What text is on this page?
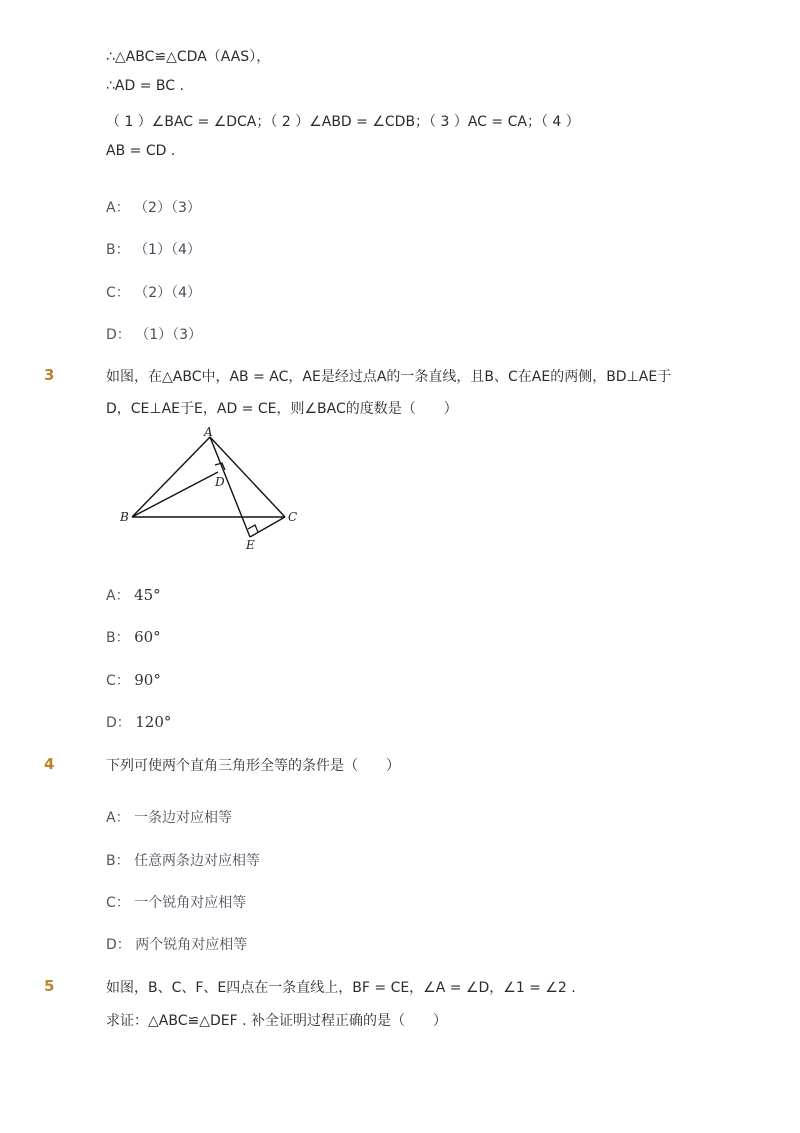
∴△ABC≌△CDA（AAS），
∴AD = BC .
（ 1 ）∠BAC = ∠DCA；（ 2 ）∠ABD = ∠CDB；（ 3 ）AC = CA；（ 4 ）
AB = CD .
A： （2）（3）
B： （1）（4）
C： （2）（4）
D： （1）（3）
3	如图，在△ABC中，AB = AC，AE是经过点A的一条直线，且B、C在AE的两侧，BD⊥AE于
D，CE⊥AE于E，AD = CE，则∠BAC的度数是（　　）
A
B	C
D
E
A： 45°
B： 60°
C： 90°
D： 120°
4	下列可使两个直角三角形全等的条件是（　　）
A： 一条边对应相等
B： 任意两条边对应相等
C： 一个锐角对应相等
D： 两个锐角对应相等
5	如图，B、C、F、E四点在一条直线上，BF = CE，∠A = ∠D，∠1 = ∠2 .
求证：△ABC≌△DEF . 补全证明过程正确的是（　　）
